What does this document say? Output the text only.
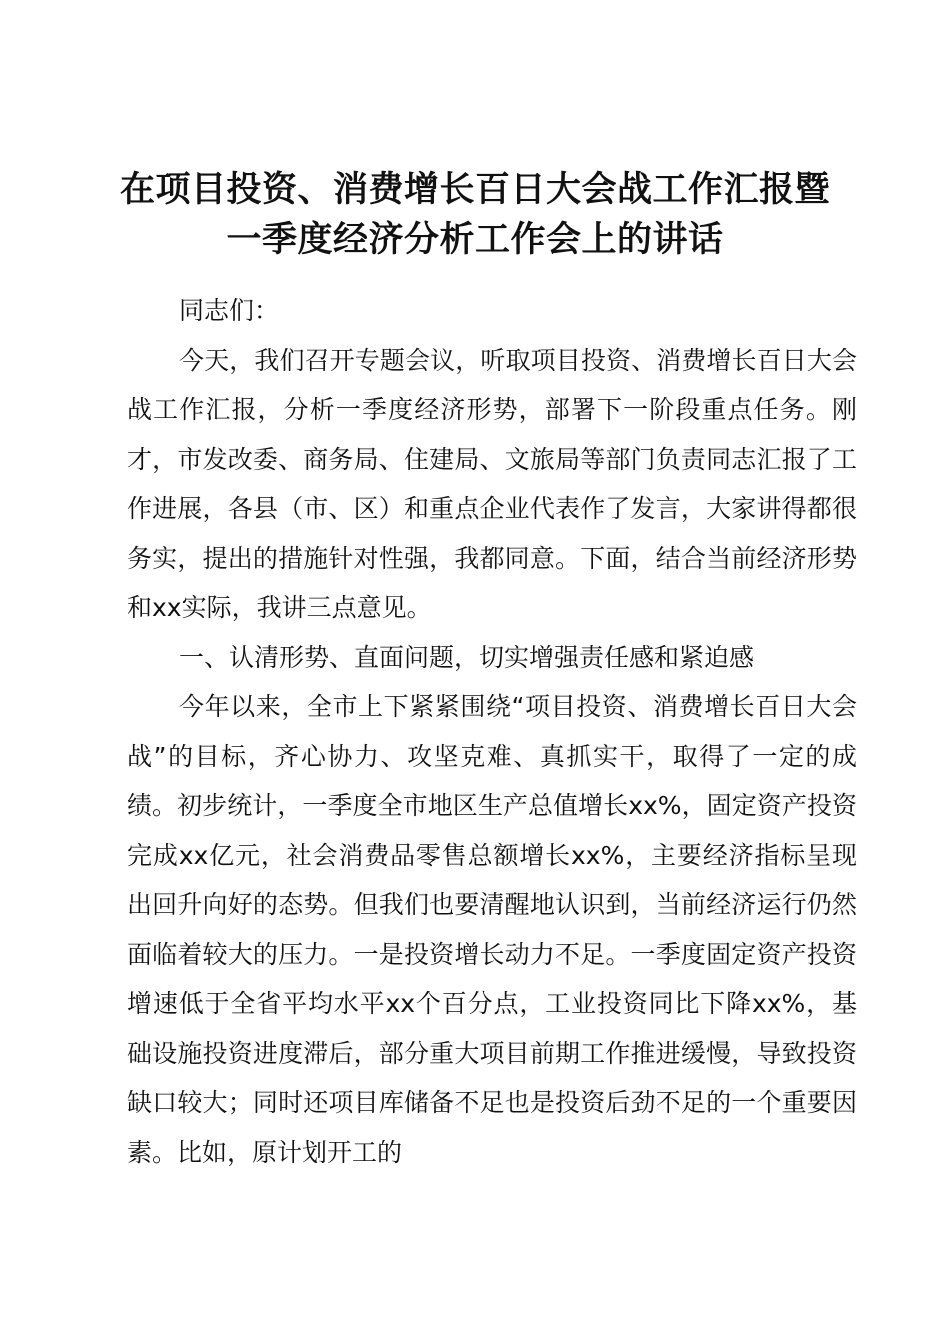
在项目投资、消费增长百日大会战工作汇报暨
一季度经济分析工作会上的讲话

同志们：

今天，我们召开专题会议，听取项目投资、消费增长百日大会战工作汇报，分析一季度经济形势，部署下一阶段重点任务。刚才，市发改委、商务局、住建局、文旅局等部门负责同志汇报了工作进展，各县（市、区）和重点企业代表作了发言，大家讲得都很务实，提出的措施针对性强，我都同意。下面，结合当前经济形势和xx实际，我讲三点意见。

一、认清形势、直面问题，切实增强责任感和紧迫感

今年以来，全市上下紧紧围绕“项目投资、消费增长百日大会战”的目标，齐心协力、攻坚克难、真抓实干，取得了一定的成绩。初步统计，一季度全市地区生产总值增长xx%，固定资产投资完成xx亿元，社会消费品零售总额增长xx%，主要经济指标呈现出回升向好的态势。但我们也要清醒地认识到，当前经济运行仍然面临着较大的压力。一是投资增长动力不足。一季度固定资产投资增速低于全省平均水平xx个百分点，工业投资同比下降xx%，基础设施投资进度滞后，部分重大项目前期工作推进缓慢，导致投资缺口较大；同时还项目库储备不足也是投资后劲不足的一个重要因素。比如，原计划开工的
